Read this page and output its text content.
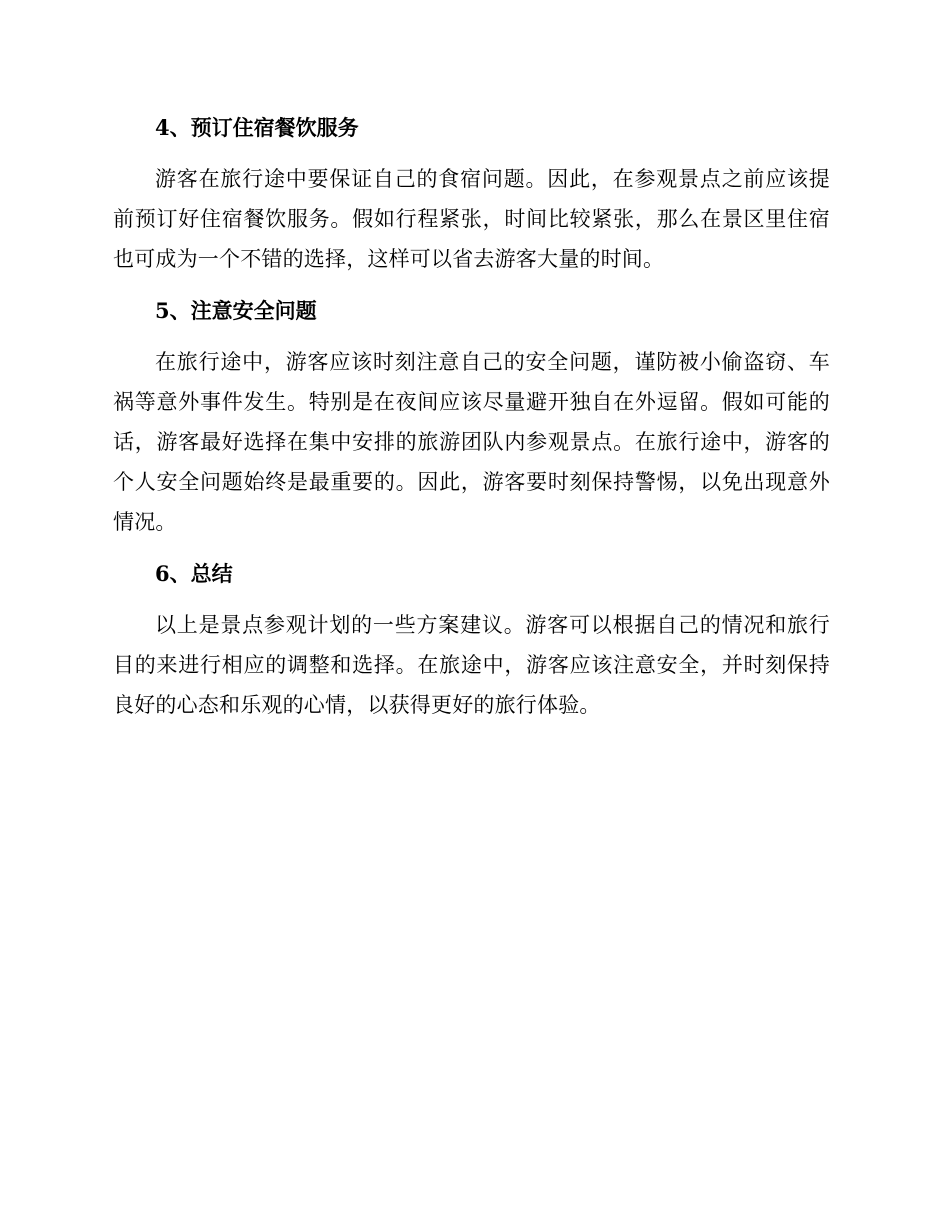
4、预订住宿餐饮服务

游客在旅行途中要保证自己的食宿问题。因此，在参观景点之前应该提前预订好住宿餐饮服务。假如行程紧张，时间比较紧张，那么在景区里住宿也可成为一个不错的选择，这样可以省去游客大量的时间。

5、注意安全问题

在旅行途中，游客应该时刻注意自己的安全问题，谨防被小偷盗窃、车祸等意外事件发生。特别是在夜间应该尽量避开独自在外逗留。假如可能的话，游客最好选择在集中安排的旅游团队内参观景点。在旅行途中，游客的个人安全问题始终是最重要的。因此，游客要时刻保持警惕，以免出现意外情况。

6、总结

以上是景点参观计划的一些方案建议。游客可以根据自己的情况和旅行目的来进行相应的调整和选择。在旅途中，游客应该注意安全，并时刻保持良好的心态和乐观的心情，以获得更好的旅行体验。
